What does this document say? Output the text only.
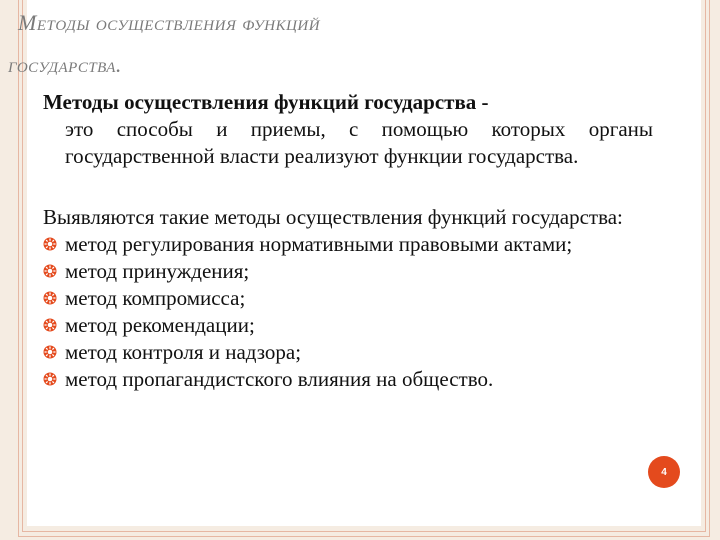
Методы осуществления функций
государства.
Методы осуществления функций государства -
это способы и приемы, с помощью которых органы государственной власти реализуют функции государства.
Выявляются такие методы осуществления функций государства:
метод регулирования нормативными правовыми актами;
метод принуждения;
метод компромисса;
метод рекомендации;
метод контроля и надзора;
метод пропагандистского влияния на общество.
4
